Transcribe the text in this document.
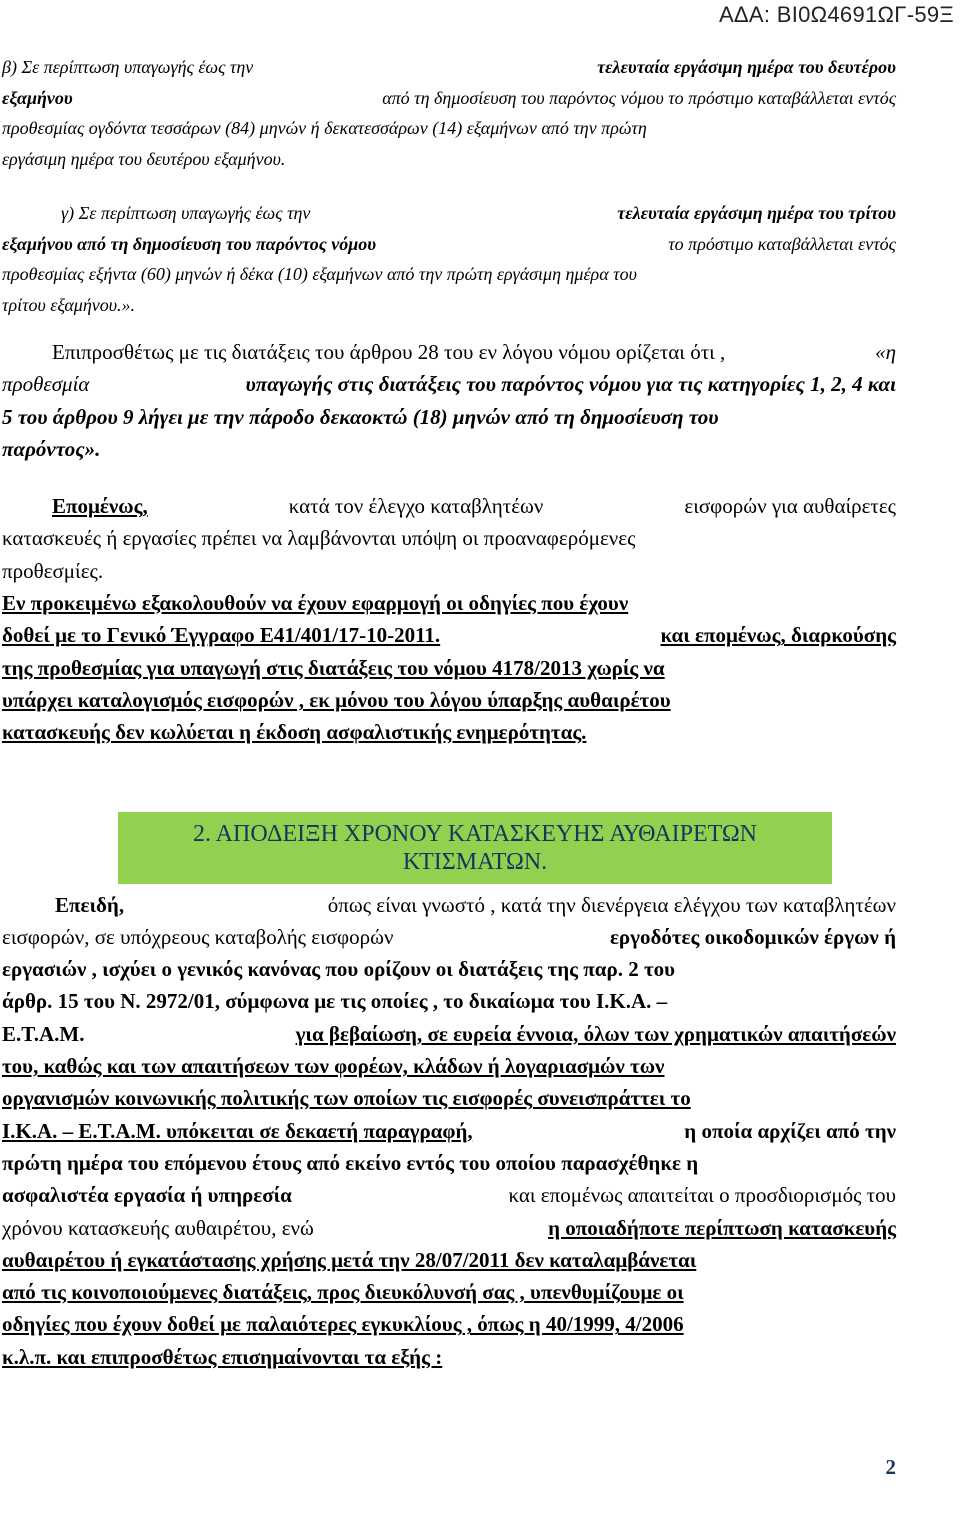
ΑΔΑ: ΒΙ0Ω4691ΩΓ-59Ξ
β) Σε περίπτωση υπαγωγής έως την	τελευταία εργάσιμη ημέρα του δευτέρου
εξαμήνου	από τη δημοσίευση του παρόντος νόμου το πρόστιμο καταβάλλεται εντός
προθεσμίας ογδόντα τεσσάρων (84) μηνών ή δεκατεσσάρων (14) εξαμήνων από την πρώτη
εργάσιμη ημέρα του δευτέρου εξαμήνου.
γ) Σε περίπτωση υπαγωγής έως την	τελευταία εργάσιμη ημέρα του τρίτου
εξαμήνου από τη δημοσίευση του παρόντος νόμου	το πρόστιμο καταβάλλεται εντός
προθεσμίας εξήντα (60) μηνών ή δέκα (10) εξαμήνων από την πρώτη εργάσιμη ημέρα του
τρίτου εξαμήνου.».
Επιπροσθέτως με τις διατάξεις του άρθρου 28 του εν λόγου νόμου ορίζεται ότι ,	«η
προθεσμία	υπαγωγής στις διατάξεις του παρόντος νόμου για τις κατηγορίες 1, 2, 4 και
5 του άρθρου 9 λήγει με την πάροδο δεκαοκτώ (18) μηνών από τη δημοσίευση του
παρόντος».
Επομένως,	κατά τον έλεγχο καταβλητέων	εισφορών για αυθαίρετες
κατασκευές ή εργασίες πρέπει να λαμβάνονται υπόψη οι προαναφερόμενες
προθεσμίες.
Εν προκειμένω εξακολουθούν να έχουν εφαρμογή οι οδηγίες που έχουν
δοθεί με το Γενικό Έγγραφο Ε41/401/17-10-2011.	και επομένως, διαρκούσης
της προθεσμίας για υπαγωγή στις διατάξεις του νόμου 4178/2013 χωρίς να
υπάρχει καταλογισμός εισφορών , εκ μόνου του λόγου ύπαρξης αυθαιρέτου
κατασκευής δεν κωλύεται η έκδοση ασφαλιστικής ενημερότητας.
Επειδή,	όπως είναι γνωστό , κατά την διενέργεια ελέγχου των καταβλητέων
εισφορών, σε υπόχρεους καταβολής εισφορών	εργοδότες οικοδομικών έργων ή
εργασιών , ισχύει ο γενικός κανόνας που ορίζουν οι διατάξεις της παρ. 2 του
άρθρ. 15 του Ν. 2972/01, σύμφωνα με τις οποίες , το δικαίωμα του Ι.Κ.Α. –
Ε.Τ.Α.Μ.	για βεβαίωση, σε ευρεία έννοια, όλων των χρηματικών απαιτήσεών
του, καθώς και των απαιτήσεων των φορέων, κλάδων ή λογαριασμών των
οργανισμών κοινωνικής πολιτικής των οποίων τις εισφορές συνεισπράττει το
Ι.Κ.Α. – Ε.Τ.Α.Μ. υπόκειται σε δεκαετή παραγραφή,	η οποία αρχίζει από την
πρώτη ημέρα του επόμενου έτους από εκείνο εντός του οποίου παρασχέθηκε η
ασφαλιστέα εργασία ή υπηρεσία	και επομένως απαιτείται ο προσδιορισμός του
χρόνου κατασκευής αυθαιρέτου, ενώ	η οποιαδήποτε περίπτωση κατασκευής
αυθαιρέτου ή εγκατάστασης χρήσης μετά την 28/07/2011 δεν καταλαμβάνεται
από τις κοινοποιούμενες διατάξεις, προς διευκόλυνσή σας , υπενθυμίζουμε οι
οδηγίες που έχουν δοθεί με παλαιότερες εγκυκλίους , όπως η 40/1999, 4/2006
κ.λ.π. και επιπροσθέτως επισημαίνονται τα εξής :
2. ΑΠΟΔΕΙΞΗ ΧΡΟΝΟΥ ΚΑΤΑΣΚΕΥΗΣ ΑΥΘΑΙΡΕΤΩΝ
ΚΤΙΣΜΑΤΩΝ.
2
